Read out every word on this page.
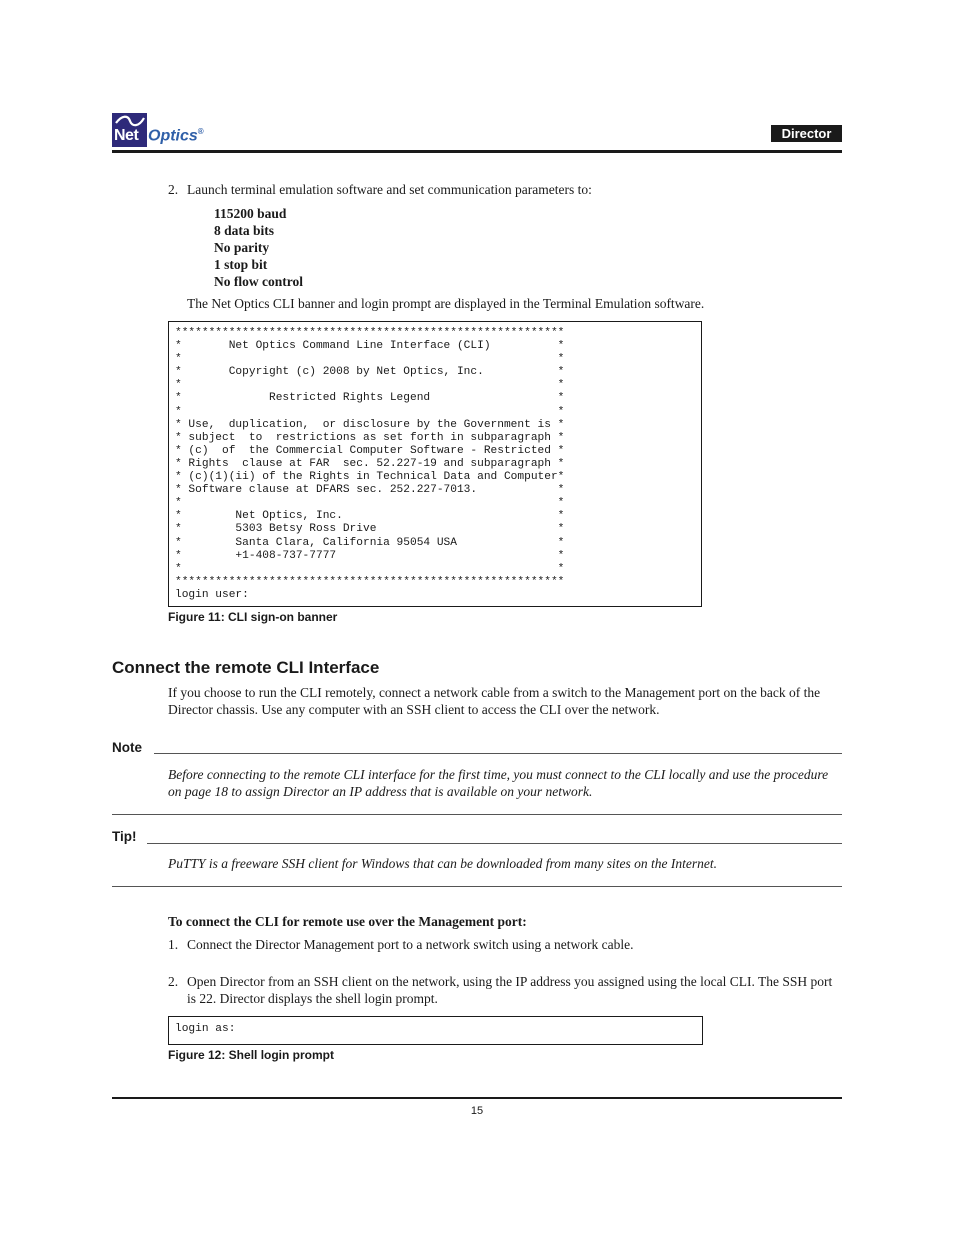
Net Optics®	Director
2. Launch terminal emulation software and set communication parameters to:
115200 baud
8 data bits
No parity
1 stop bit
No flow control
The Net Optics CLI banner and login prompt are displayed in the Terminal Emulation software.
**********************************************************
*       Net Optics Command Line Interface (CLI)          *
*                                                        *
*       Copyright (c) 2008 by Net Optics, Inc.           *
*                                                        *
*             Restricted Rights Legend                   *
*                                                        *
* Use,  duplication,  or disclosure by the Government is *
* subject  to  restrictions as set forth in subparagraph *
* (c)  of  the Commercial Computer Software - Restricted *
* Rights  clause at FAR  sec. 52.227-19 and subparagraph *
* (c)(1)(ii) of the Rights in Technical Data and Computer*
* Software clause at DFARS sec. 252.227-7013.            *
*                                                        *
*        Net Optics, Inc.                                *
*        5303 Betsy Ross Drive                           *
*        Santa Clara, California 95054 USA               *
*        +1-408-737-7777                                 *
*                                                        *
**********************************************************
login user:
Figure 11: CLI sign-on banner
Connect the remote CLI Interface
If you choose to run the CLI remotely, connect a network cable from a switch to the Management port on the back of the Director chassis. Use any computer with an SSH client to access the CLI over the network.
Note
Before connecting to the remote CLI interface for the first time, you must connect to the CLI locally and use the procedure on page 18 to assign Director an IP address that is available on your network.
Tip!
PuTTY is a freeware SSH client for Windows that can be downloaded from many sites on the Internet.
To connect the CLI for remote use over the Management port:
1. Connect the Director Management port to a network switch using a network cable.
2. Open Director from an SSH client on the network, using the IP address you assigned using the local CLI. The SSH port is 22. Director displays the shell login prompt.
login as:
Figure 12: Shell login prompt
15
